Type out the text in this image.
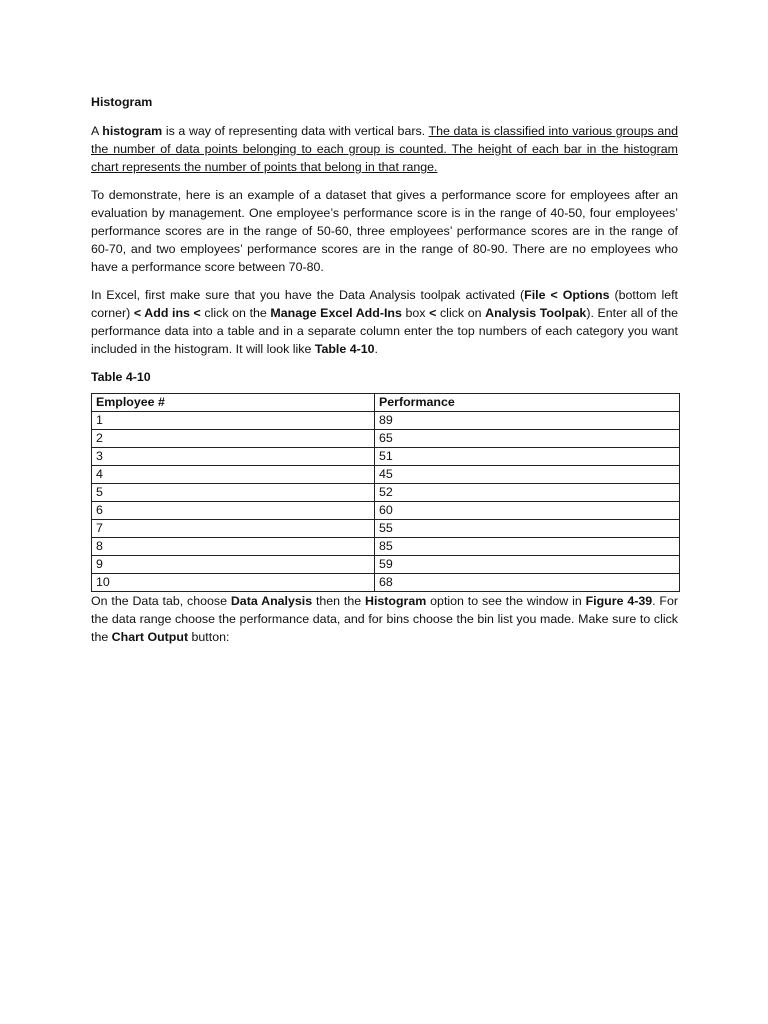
Histogram

A histogram is a way of representing data with vertical bars. The data is classified into various groups and the number of data points belonging to each group is counted. The height of each bar in the histogram chart represents the number of points that belong in that range.

To demonstrate, here is an example of a dataset that gives a performance score for employees after an evaluation by management. One employee’s performance score is in the range of 40-50, four employees’ performance scores are in the range of 50-60, three employees’ performance scores are in the range of 60-70, and two employees’ performance scores are in the range of 80-90. There are no employees who have a performance score between 70-80.

In Excel, first make sure that you have the Data Analysis toolpak activated (File < Options (bottom left corner) < Add ins < click on the Manage Excel Add-Ins box < click on Analysis Toolpak). Enter all of the performance data into a table and in a separate column enter the top numbers of each category you want included in the histogram. It will look like Table 4-10.

Table 4-10
Employee #	Performance
1	89
2	65
3	51
4	45
5	52
6	60
7	55
8	85
9	59
10	68

On the Data tab, choose Data Analysis then the Histogram option to see the window in Figure 4-39. For the data range choose the performance data, and for bins choose the bin list you made. Make sure to click the Chart Output button:
